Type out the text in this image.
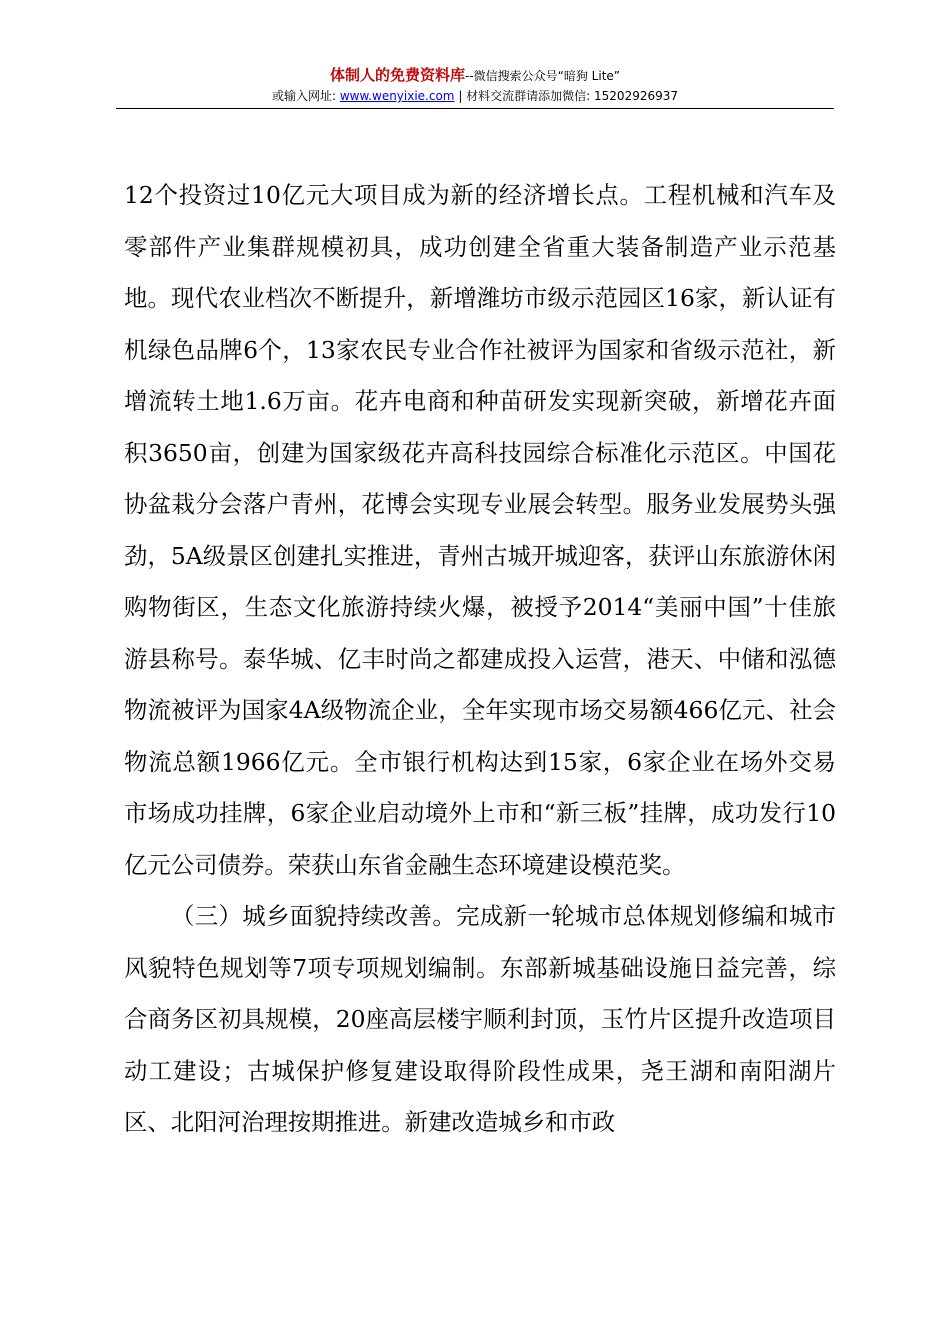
体制人的免费资料库--微信搜索公众号“暗狗 Lite”
或输入网址: www.wenyixie.com | 材料交流群请添加微信: 15202926937

12个投资过10亿元大项目成为新的经济增长点。工程机械和汽车及零部件产业集群规模初具，成功创建全省重大装备制造产业示范基地。现代农业档次不断提升，新增潍坊市级示范园区16家，新认证有机绿色品牌6个，13家农民专业合作社被评为国家和省级示范社，新增流转土地1.6万亩。花卉电商和种苗研发实现新突破，新增花卉面积3650亩，创建为国家级花卉高科技园综合标准化示范区。中国花协盆栽分会落户青州，花博会实现专业展会转型。服务业发展势头强劲，5A级景区创建扎实推进，青州古城开城迎客，获评山东旅游休闲购物街区，生态文化旅游持续火爆，被授予2014“美丽中国”十佳旅游县称号。泰华城、亿丰时尚之都建成投入运营，港天、中储和泓德物流被评为国家4A级物流企业，全年实现市场交易额466亿元、社会物流总额1966亿元。全市银行机构达到15家，6家企业在场外交易市场成功挂牌，6家企业启动境外上市和“新三板”挂牌，成功发行10亿元公司债券。荣获山东省金融生态环境建设模范奖。

（三）城乡面貌持续改善。完成新一轮城市总体规划修编和城市风貌特色规划等7项专项规划编制。东部新城基础设施日益完善，综合商务区初具规模，20座高层楼宇顺利封顶，玉竹片区提升改造项目动工建设；古城保护修复建设取得阶段性成果，尧王湖和南阳湖片区、北阳河治理按期推进。新建改造城乡和市政
